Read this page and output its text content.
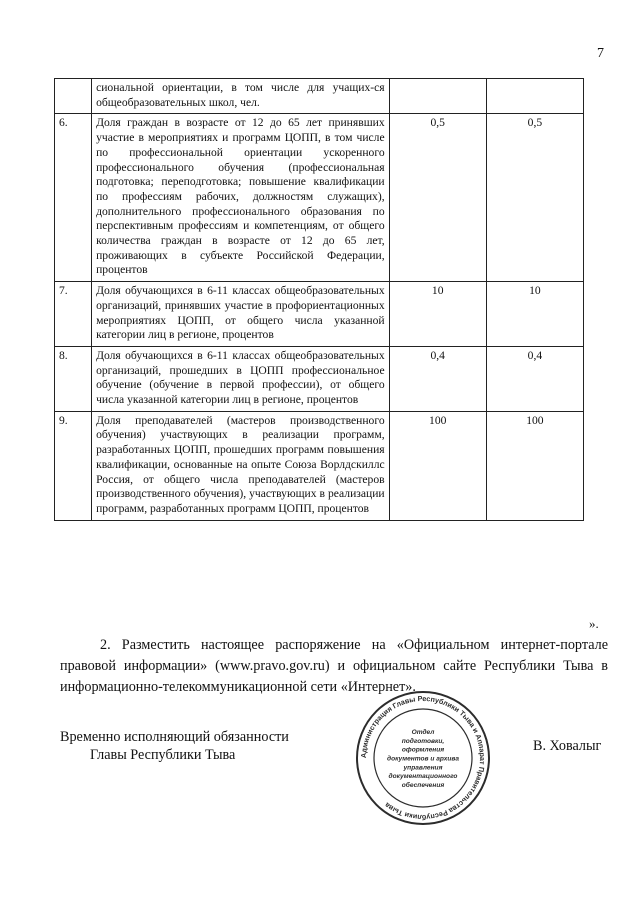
7
	сиональной ориентации, в том числе для учащих-ся общеобразовательных школ, чел.		
6.	Доля граждан в возрасте от 12 до 65 лет принявших участие в мероприятиях и программ ЦОПП, в том числе по профессиональной ориентации ускоренного профессионального обучения (профессиональная подготовка; переподготовка; повышение квалификации по профессиям рабочих, должностям служащих), дополнительного профессионального образования по перспективным профессиям и компетенциям, от общего количества граждан в возрасте от 12 до 65 лет, проживающих в субъекте Российской Федерации, процентов	0,5	0,5
7.	Доля обучающихся в 6-11 классах общеобразовательных организаций, принявших участие в профориентационных мероприятиях ЦОПП, от общего числа указанной категории лиц в регионе, процентов	10	10
8.	Доля обучающихся в 6-11 классах общеобразовательных организаций, прошедших в ЦОПП профессиональное обучение (обучение в первой профессии), от общего числа указанной категории лиц в регионе, процентов	0,4	0,4
9.	Доля преподавателей (мастеров производственного обучения) участвующих в реализации программ, разработанных ЦОПП, прошедших программ повышения квалификации, основанные на опыте Союза Ворлдскиллс Россия, от общего числа преподавателей (мастеров производственного обучения), участвующих в реализации программ, разработанных программ ЦОПП, процентов	100	100
».
2. Разместить настоящее распоряжение на «Официальном интернет-портале правовой информации» (www.pravo.gov.ru) и официальном сайте Республики Тыва в информационно-телекоммуникационной сети «Интернет».
Временно исполняющий обязанности
Главы Республики Тыва	Администрация Главы Республики Тыва и Аппарат Правительства Республики Тыва
Отдел
подготовки,
оформления
документов и архива
управления
документационного
обеспечения
В. Ховалыг
